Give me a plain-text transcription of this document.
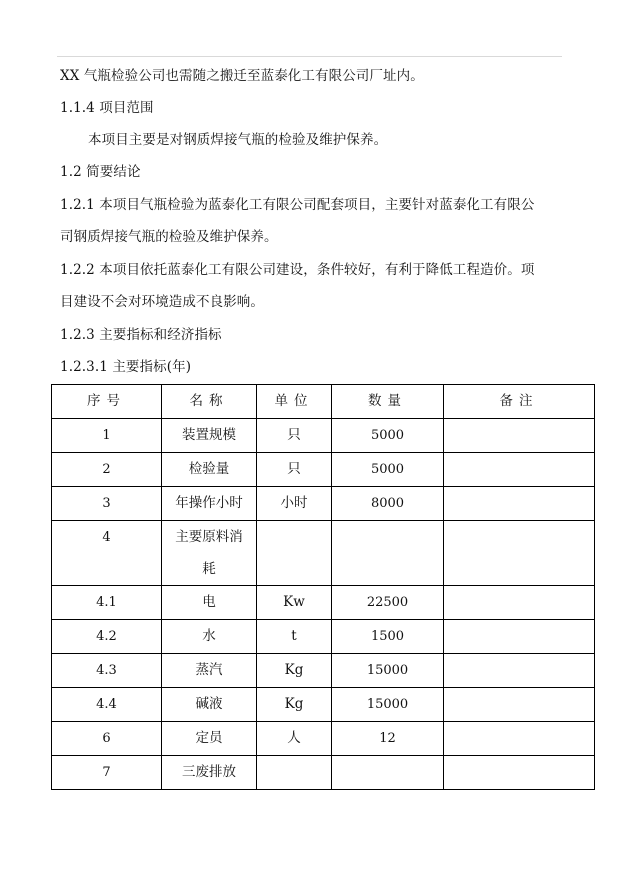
XX 气瓶检验公司也需随之搬迁至蓝泰化工有限公司厂址内。
1.1.4 项目范围
本项目主要是对钢质焊接气瓶的检验及维护保养。
1.2 简要结论
1.2.1 本项目气瓶检验为蓝泰化工有限公司配套项目，主要针对蓝泰化工有限公
司钢质焊接气瓶的检验及维护保养。
1.2.2 本项目依托蓝泰化工有限公司建设，条件较好，有利于降低工程造价。项
目建设不会对环境造成不良影响。
1.2.3 主要指标和经济指标
1.2.3.1 主要指标(年)
序号	名称	单位	数量	备注
1	装置规模	只	5000	
2	检验量	只	5000	
3	年操作小时	小时	8000	
4	主要原料消
耗			

4.1	电	Kw	22500	
4.2	水	t	1500	
4.3	蒸汽	Kg	15000	
4.4	碱液	Kg	15000	
6	定员	人	12	
7	三废排放			
